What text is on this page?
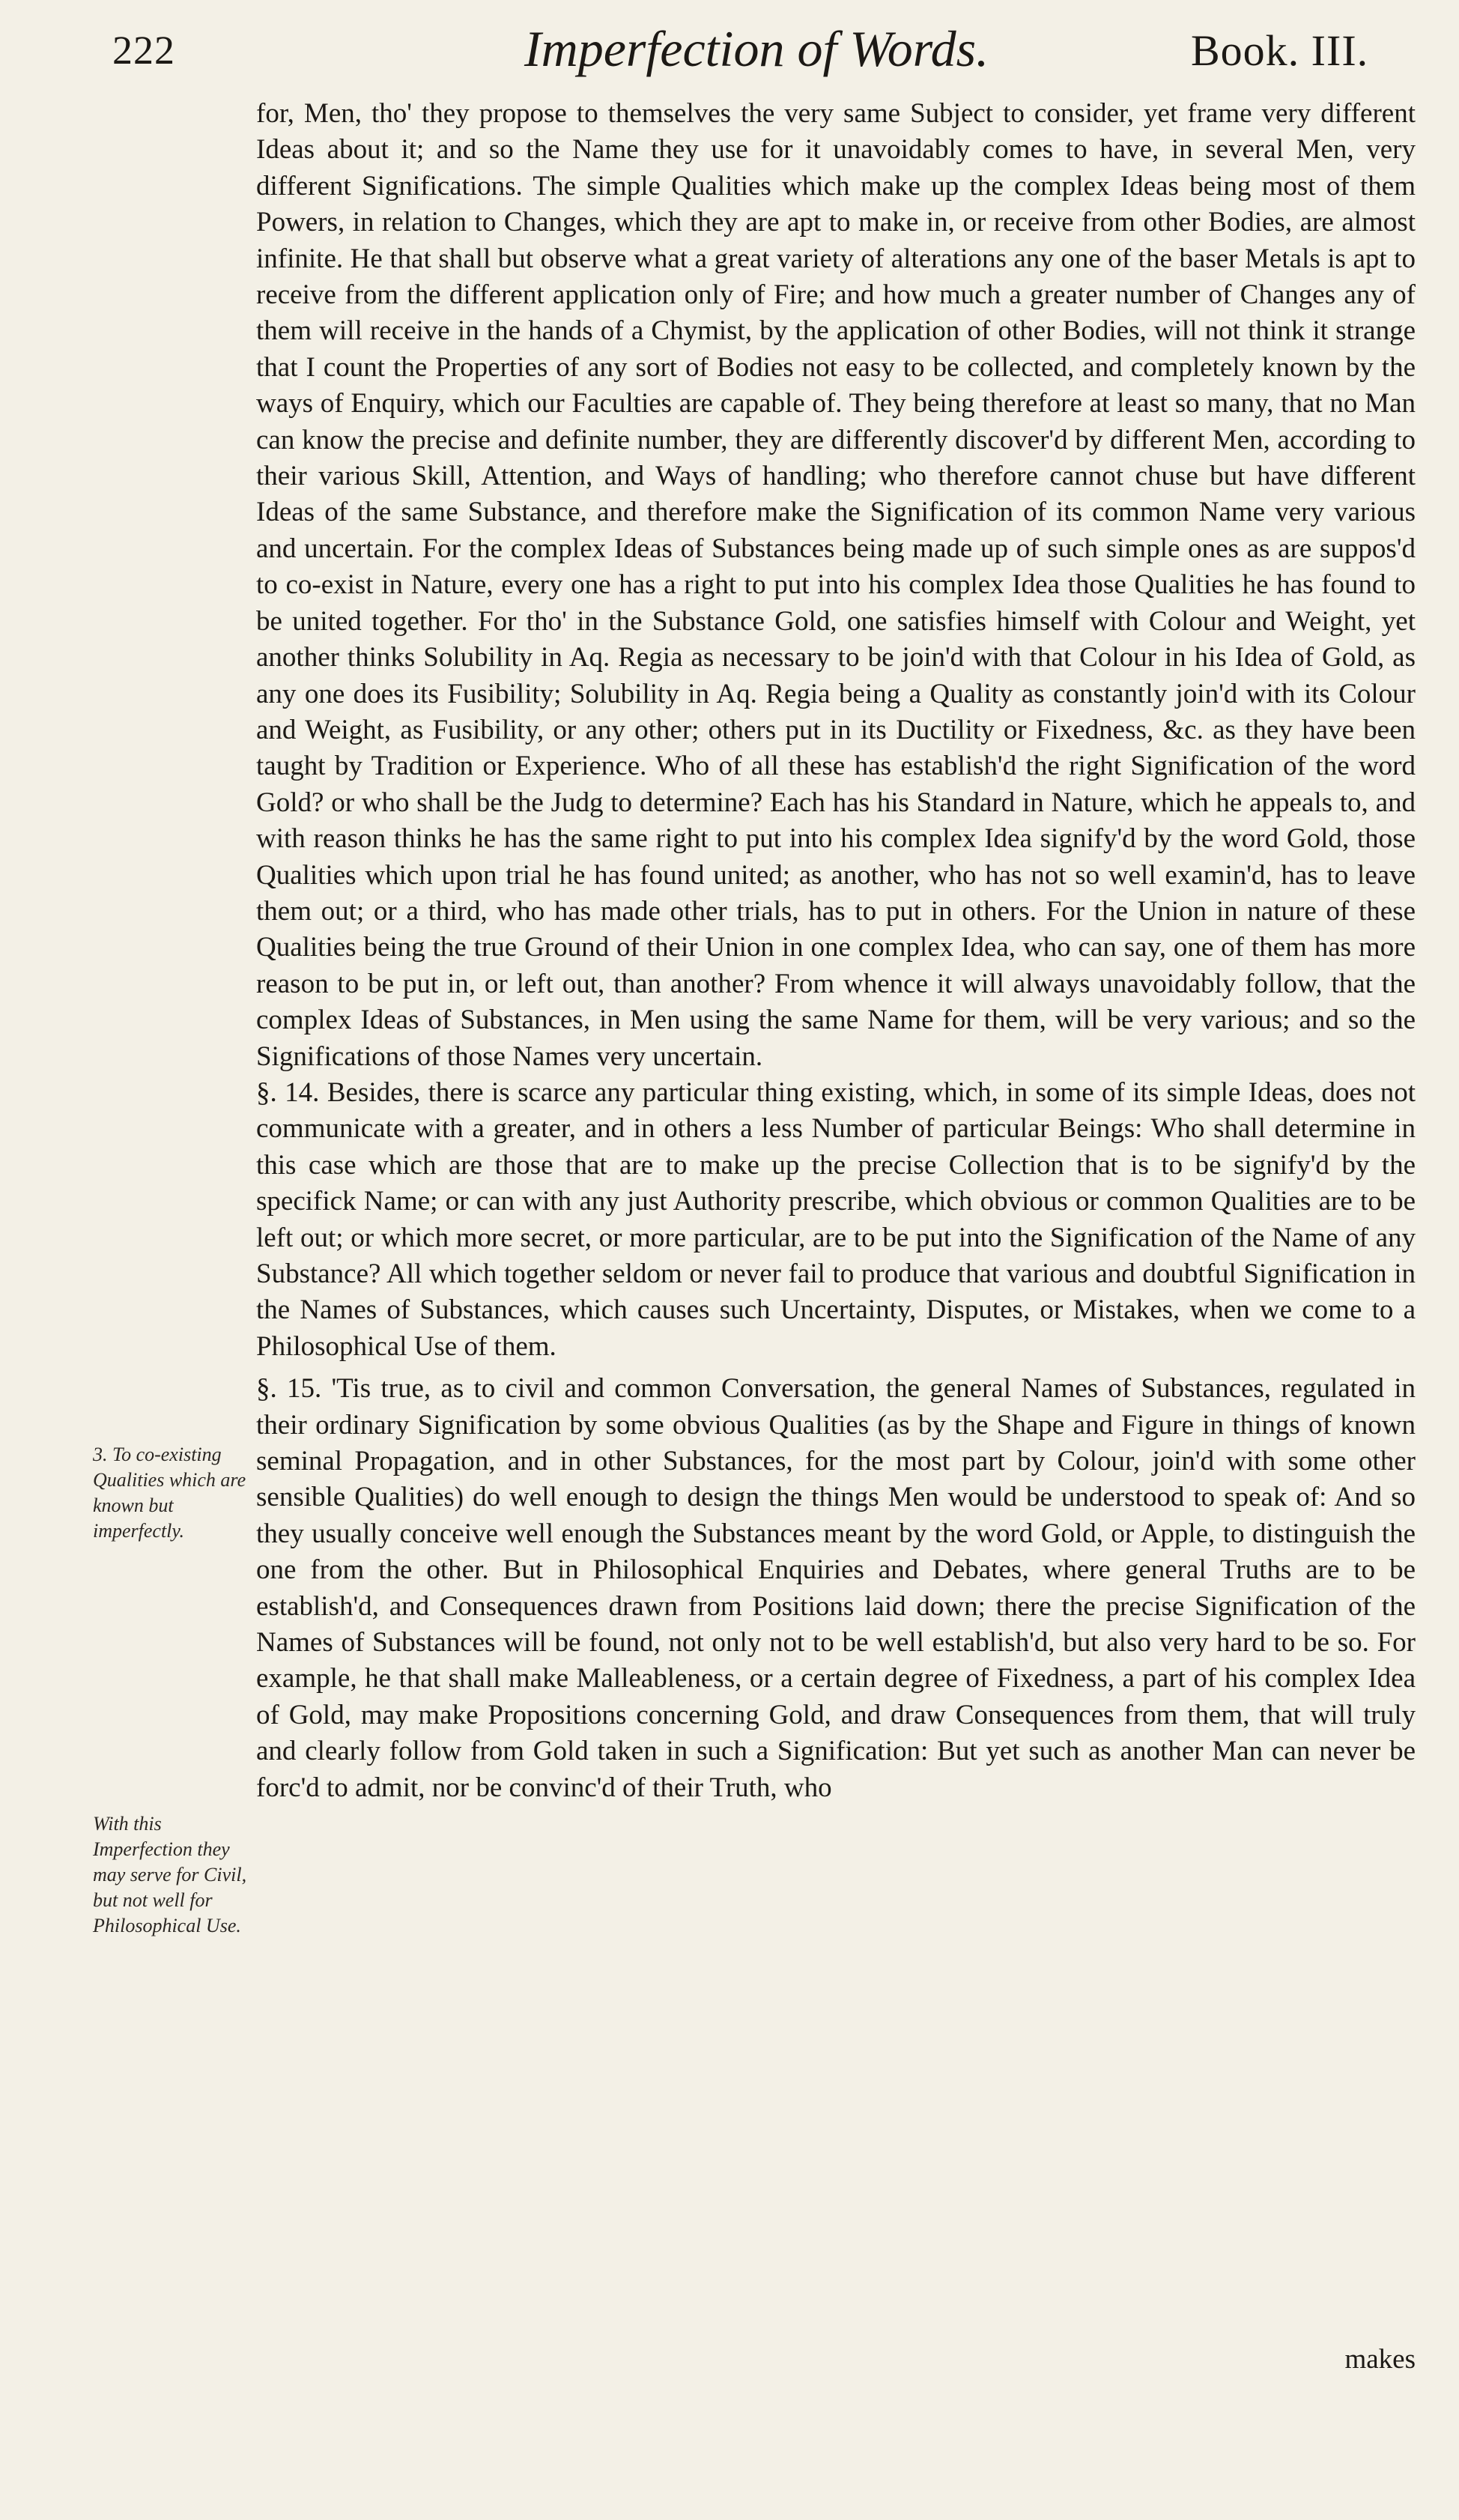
222	Imperfection of Words.	Book. III.

for, Men, tho' they propose to themselves the very same Subject to consider, yet frame very different Ideas about it; and so the Name they use for it unavoidably comes to have, in several Men, very different Significations. The simple Qualities which make up the complex Ideas being most of them Powers, in relation to Changes, which they are apt to make in, or receive from other Bodies, are almost infinite. He that shall but observe what a great variety of alterations any one of the baser Metals is apt to receive from the different application only of Fire; and how much a greater number of Changes any of them will receive in the hands of a Chymist, by the application of other Bodies, will not think it strange that I count the Properties of any sort of Bodies not easy to be collected, and completely known by the ways of Enquiry, which our Faculties are capable of. They being therefore at least so many, that no Man can know the precise and definite number, they are differently discover'd by different Men, according to their various Skill, Attention, and Ways of handling; who therefore cannot chuse but have different Ideas of the same Substance, and therefore make the Signification of its common Name very various and uncertain. For the complex Ideas of Substances being made up of such simple ones as are suppos'd to co-exist in Nature, every one has a right to put into his complex Idea those Qualities he has found to be united together. For tho' in the Substance Gold, one satisfies himself with Colour and Weight, yet another thinks Solubility in Aq. Regia as necessary to be join'd with that Colour in his Idea of Gold, as any one does its Fusibility; Solubility in Aq. Regia being a Quality as constantly join'd with its Colour and Weight, as Fusibility, or any other; others put in its Ductility or Fixedness, &c. as they have been taught by Tradition or Experience. Who of all these has establish'd the right Signification of the word Gold? or who shall be the Judg to determine? Each has his Standard in Nature, which he appeals to, and with reason thinks he has the same right to put into his complex Idea signify'd by the word Gold, those Qualities which upon trial he has found united; as another, who has not so well examin'd, has to leave them out; or a third, who has made other trials, has to put in others. For the Union in nature of these Qualities being the true Ground of their Union in one complex Idea, who can say, one of them has more reason to be put in, or left out, than another? From whence it will always unavoidably follow, that the complex Ideas of Substances, in Men using the same Name for them, will be very various; and so the Significations of those Names very uncertain.

§. 14. Besides, there is scarce any particular thing existing, which, in some of its simple Ideas, does not communicate with a greater, and in others a less Number of particular Beings: Who shall determine in this case which are those that are to make up the precise Collection that is to be signify'd by the specifick Name; or can with any just Authority prescribe, which obvious or common Qualities are to be left out; or which more secret, or more particular, are to be put into the Signification of the Name of any Substance? All which together seldom or never fail to produce that various and doubtful Signification in the Names of Substances, which causes such Uncertainty, Disputes, or Mistakes, when we come to a Philosophical Use of them.

§. 15. 'Tis true, as to civil and common Conversation, the general Names of Substances, regulated in their ordinary Signification by some obvious Qualities (as by the Shape and Figure in things of known seminal Propagation, and in other Substances, for the most part by Colour, join'd with some other sensible Qualities) do well enough to design the things Men would be understood to speak of: And so they usually conceive well enough the Substances meant by the word Gold, or Apple, to distinguish the one from the other. But in Philosophical Enquiries and Debates, where general Truths are to be establish'd, and Consequences drawn from Positions laid down; there the precise Signification of the Names of Substances will be found, not only not to be well establish'd, but also very hard to be so. For example, he that shall make Malleableness, or a certain degree of Fixedness, a part of his complex Idea of Gold, may make Propositions concerning Gold, and draw Consequences from them, that will truly and clearly follow from Gold taken in such a Signification: But yet such as another Man can never be forc'd to admit, nor be convinc'd of their Truth, who

3. To co-existing Qualities which are known but imperfectly.
With this Imperfection they may serve for Civil, but not well for Philosophical Use.
makes
